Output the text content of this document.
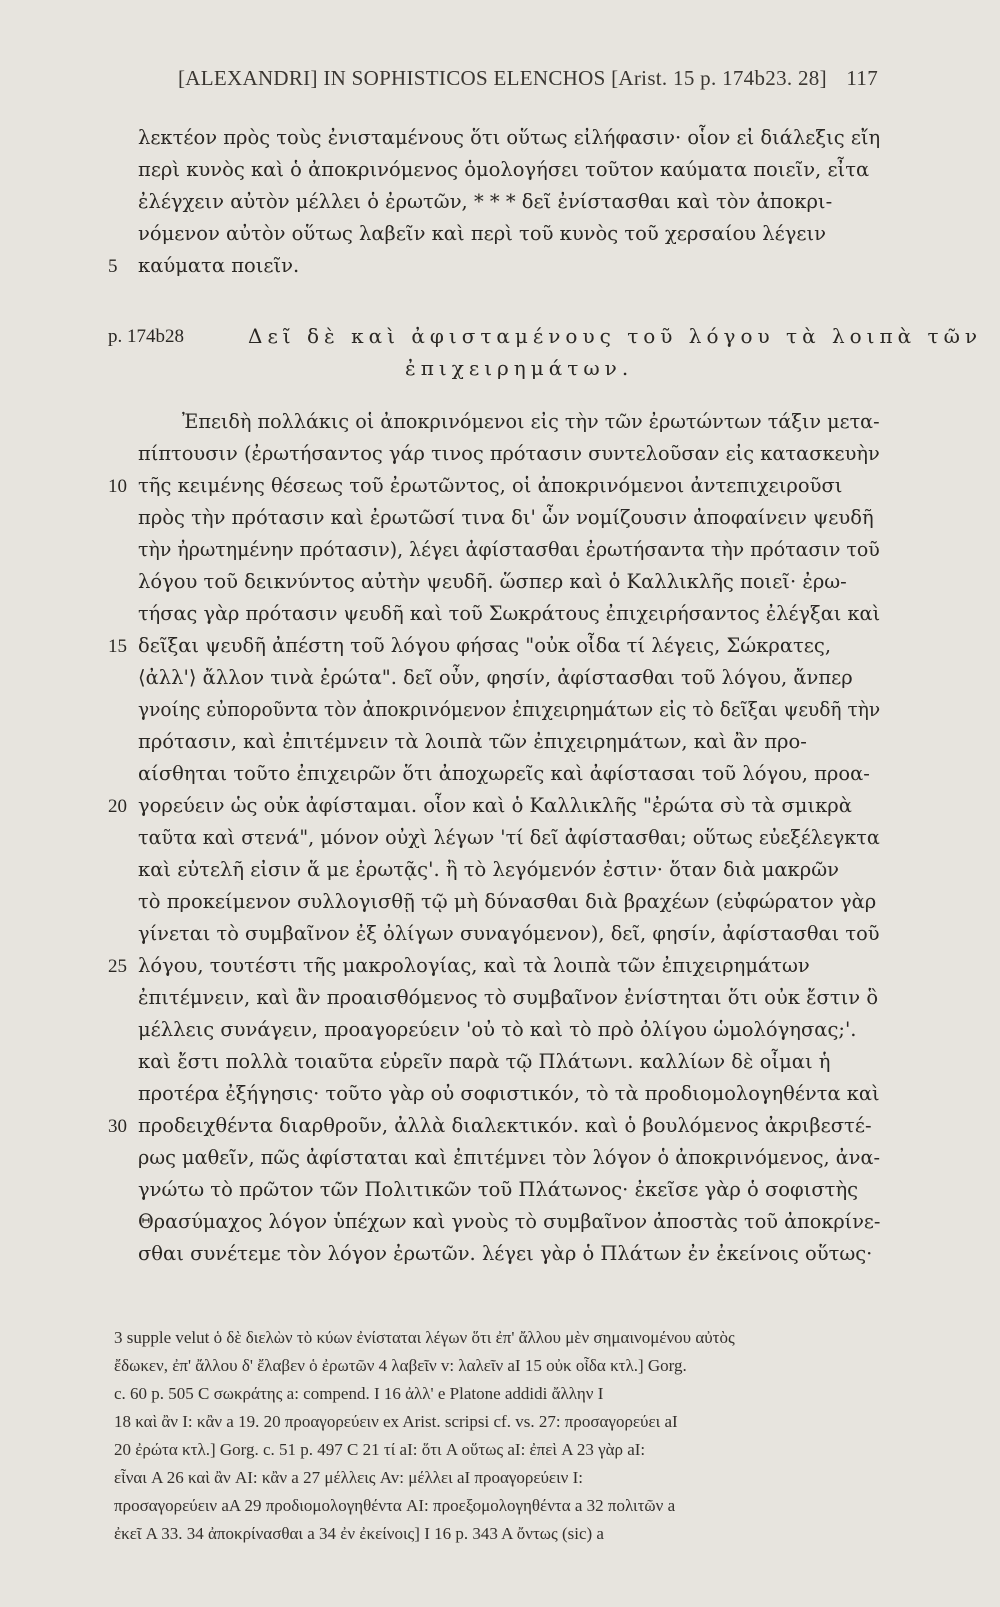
[ALEXANDRI] IN SOPHISTICOS ELENCHOS [Arist. 15 p. 174b23. 28] 117
λεκτέον πρὸς τοὺς ἐνισταμένους ὅτι οὕτως εἰλήφασιν· οἷον εἰ διάλεξις εἴη
περὶ κυνὸς καὶ ὁ ἀποκρινόμενος ὁμολογήσει τοῦτον καύματα ποιεῖν, εἶτα
ἐλέγχειν αὐτὸν μέλλει ὁ ἐρωτῶν, * * * δεῖ ἐνίστασθαι καὶ τὸν ἀποκρι-
νόμενον αὐτὸν οὕτως λαβεῖν καὶ περὶ τοῦ κυνὸς τοῦ χερσαίου λέγειν
5 καύματα ποιεῖν.
p. 174b28	Δεῖ δὲ καὶ ἀφισταμένους τοῦ λόγου τὰ λοιπὰ τῶν
ἐπιχειρημάτων.
Ἐπειδὴ πολλάκις οἱ ἀποκρινόμενοι εἰς τὴν τῶν ἐρωτώντων τάξιν μετα-
πίπτουσιν (ἐρωτήσαντος γάρ τινος πρότασιν συντελοῦσαν εἰς κατασκευὴν
10 τῆς κειμένης θέσεως τοῦ ἐρωτῶντος, οἱ ἀποκρινόμενοι ἀντεπιχειροῦσι
πρὸς τὴν πρότασιν καὶ ἐρωτῶσί τινα δι' ὧν νομίζουσιν ἀποφαίνειν ψευδῆ
τὴν ἠρωτημένην πρότασιν), λέγει ἀφίστασθαι ἐρωτήσαντα τὴν πρότασιν τοῦ
λόγου τοῦ δεικνύντος αὐτὴν ψευδῆ. ὥσπερ καὶ ὁ Καλλικλῆς ποιεῖ· ἐρω-
τήσας γὰρ πρότασιν ψευδῆ καὶ τοῦ Σωκράτους ἐπιχειρήσαντος ἐλέγξαι καὶ
15 δεῖξαι ψευδῆ ἀπέστη τοῦ λόγου φήσας "οὐκ οἶδα τί λέγεις, Σώκρατες,
⟨ἀλλ'⟩ ἄλλον τινὰ ἐρώτα". δεῖ οὖν, φησίν, ἀφίστασθαι τοῦ λόγου, ἄνπερ
γνοίης εὐποροῦντα τὸν ἀποκρινόμενον ἐπιχειρημάτων εἰς τὸ δεῖξαι ψευδῆ τὴν
πρότασιν, καὶ ἐπιτέμνειν τὰ λοιπὰ τῶν ἐπιχειρημάτων, καὶ ἂν προ-
αίσθηται τοῦτο ἐπιχειρῶν ὅτι ἀποχωρεῖς καὶ ἀφίστασαι τοῦ λόγου, προα-
20 γορεύειν ὡς οὐκ ἀφίσταμαι. οἷον καὶ ὁ Καλλικλῆς "ἐρώτα σὺ τὰ σμικρὰ
ταῦτα καὶ στενά", μόνον οὐχὶ λέγων 'τί δεῖ ἀφίστασθαι; οὕτως εὐεξέλεγκτα
καὶ εὐτελῆ εἰσιν ἅ με ἐρωτᾷς'. ἢ τὸ λεγόμενόν ἐστιν· ὅταν διὰ μακρῶν
τὸ προκείμενον συλλογισθῇ τῷ μὴ δύνασθαι διὰ βραχέων (εὐφώρατον γὰρ
γίνεται τὸ συμβαῖνον ἐξ ὀλίγων συναγόμενον), δεῖ, φησίν, ἀφίστασθαι τοῦ
25 λόγου, τουτέστι τῆς μακρολογίας, καὶ τὰ λοιπὰ τῶν ἐπιχειρημάτων
ἐπιτέμνειν, καὶ ἂν προαισθόμενος τὸ συμβαῖνον ἐνίστηται ὅτι οὐκ ἔστιν ὃ
μέλλεις συνάγειν, προαγορεύειν 'οὐ τὸ καὶ τὸ πρὸ ὀλίγου ὡμολόγησας;'.
καὶ ἔστι πολλὰ τοιαῦτα εὑρεῖν παρὰ τῷ Πλάτωνι. καλλίων δὲ οἶμαι ἡ
προτέρα ἐξήγησις· τοῦτο γὰρ οὐ σοφιστικόν, τὸ τὰ προδιομολογηθέντα καὶ
30 προδειχθέντα διαρθροῦν, ἀλλὰ διαλεκτικόν. καὶ ὁ βουλόμενος ἀκριβεστέ-
ρως μαθεῖν, πῶς ἀφίσταται καὶ ἐπιτέμνει τὸν λόγον ὁ ἀποκρινόμενος, ἀνα-
γνώτω τὸ πρῶτον τῶν Πολιτικῶν τοῦ Πλάτωνος· ἐκεῖσε γὰρ ὁ σοφιστὴς
Θρασύμαχος λόγον ὑπέχων καὶ γνοὺς τὸ συμβαῖνον ἀποστὰς τοῦ ἀποκρίνε-
σθαι συνέτεμε τὸν λόγον ἐρωτῶν. λέγει γὰρ ὁ Πλάτων ἐν ἐκείνοις οὕτως·
3 supple velut ὁ δὲ διελὼν τὸ κύων ἐνίσταται λέγων ὅτι ἐπ' ἄλλου μὲν σημαινομένου αὐτὸς
ἔδωκεν, ἐπ' ἄλλου δ' ἔλαβεν ὁ ἐρωτῶν 4 λαβεῖν v: λαλεῖν aI 15 οὐκ οἶδα κτλ.] Gorg.
c. 60 p. 505 C σωκράτης a: compend. I 16 ἀλλ' e Platone addidi ἄλλην I
18 καὶ ἂν I: κἂν a 19. 20 προαγορεύειν ex Arist. scripsi cf. vs. 27: προσαγορεύει aI
20 ἐρώτα κτλ.] Gorg. c. 51 p. 497 C 21 τί aI: ὅτι A οὕτως aI: ἐπεὶ A 23 γὰρ aI:
εἶναι A 26 καὶ ἂν AI: κἂν a 27 μέλλεις Av: μέλλει aI προαγορεύειν I:
προσαγορεύειν aA 29 προδιομολογηθέντα AI: προεξομολογηθέντα a 32 πολιτῶν a
ἐκεῖ A 33. 34 ἀποκρίνασθαι a 34 ἐν ἐκείνοις] I 16 p. 343 A ὄντως (sic) a
